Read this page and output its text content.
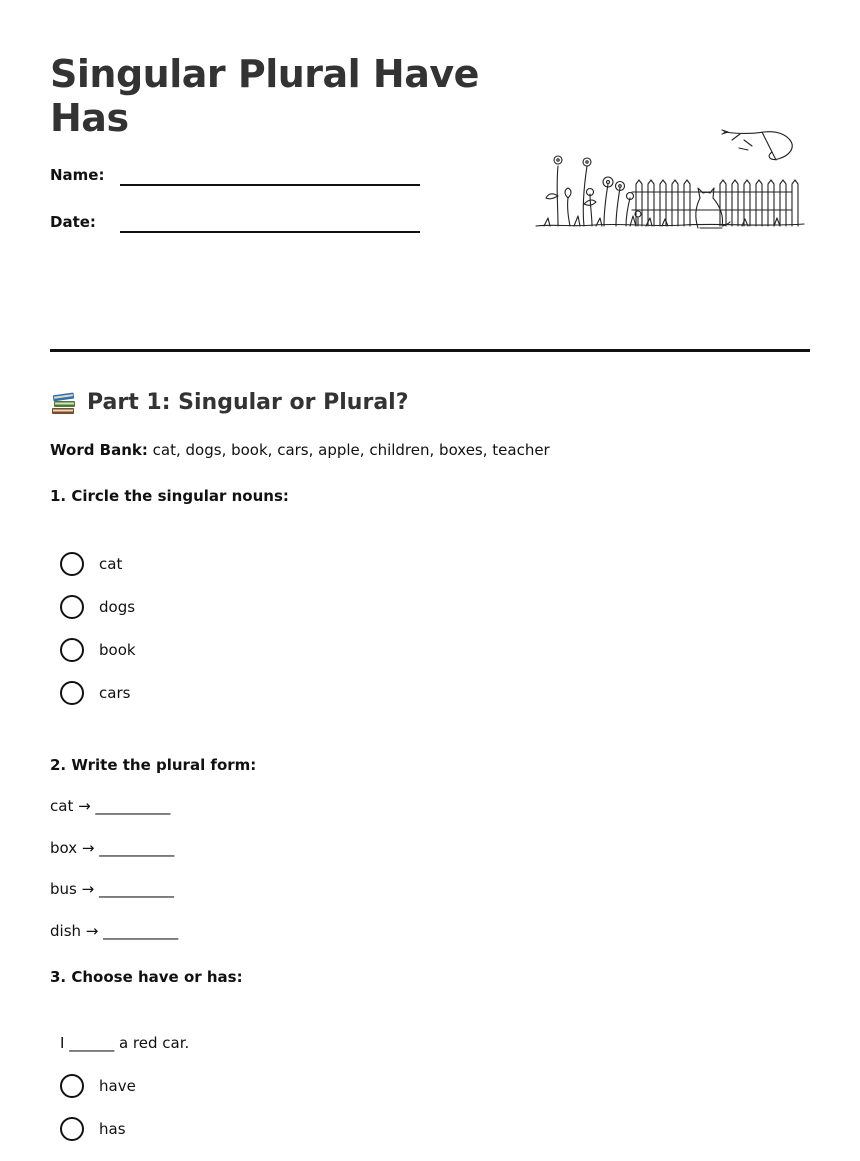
Singular Plural Have Has
Name:
Date:
Part 1: Singular or Plural?
Word Bank: cat, dogs, book, cars, apple, children, boxes, teacher
1. Circle the singular nouns:
cat
dogs
book
cars
2. Write the plural form:
cat → __________
box → __________
bus → __________
dish → __________
3. Choose have or has:
I ______ a red car.
have
has
